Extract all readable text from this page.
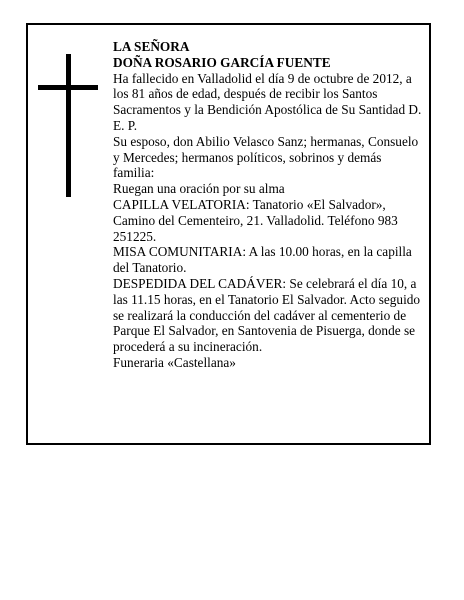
LA SEÑORA

DOÑA ROSARIO GARCÍA FUENTE

Ha fallecido en Valladolid el día 9 de octubre de 2012, a los 81 años de edad, después de recibir los Santos Sacramentos y la Bendición Apostólica de Su Santidad D. E. P.

Su esposo, don Abilio Velasco Sanz; hermanas, Consuelo y Mercedes; hermanos políticos, sobrinos y demás familia:

Ruegan una oración por su alma

CAPILLA VELATORIA: Tanatorio «El Salvador», Camino del Cementeiro, 21. Valladolid. Teléfono 983 251225.

MISA COMUNITARIA: A las 10.00 horas, en la capilla del Tanatorio.

DESPEDIDA DEL CADÁVER: Se celebrará el día 10, a las 11.15 horas, en el Tanatorio El Salvador. Acto seguido se realizará la conducción del cadáver al cementerio de Parque El Salvador, en Santovenia de Pisuerga, donde se procederá a su incineración.

Funeraria «Castellana»
